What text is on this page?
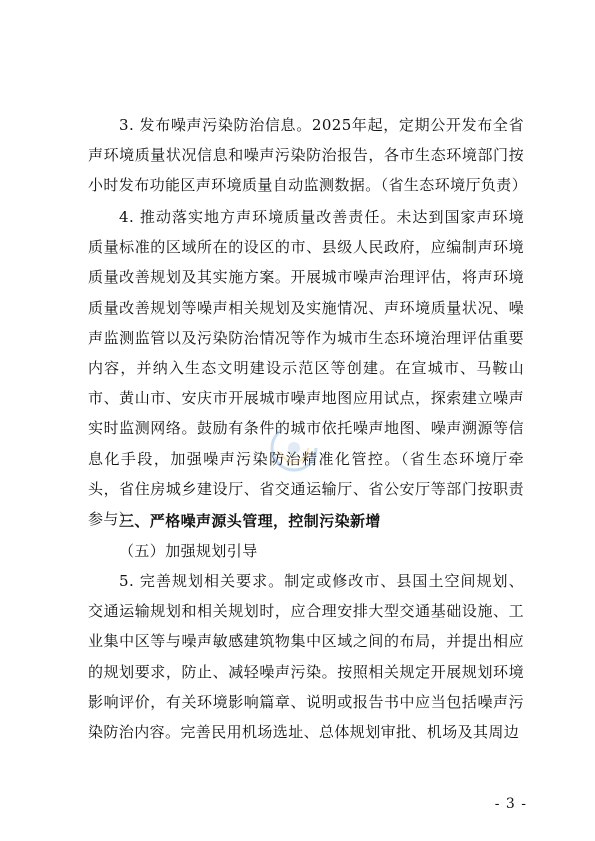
3. 发布噪声污染防治信息。2025年起，定期公开发布全省声环境质量状况信息和噪声污染防治报告，各市生态环境部门按小时发布功能区声环境质量自动监测数据。（省生态环境厅负责）

4. 推动落实地方声环境质量改善责任。未达到国家声环境质量标准的区域所在的设区的市、县级人民政府，应编制声环境质量改善规划及其实施方案。开展城市噪声治理评估，将声环境质量改善规划等噪声相关规划及实施情况、声环境质量状况、噪声监测监管以及污染防治情况等作为城市生态环境治理评估重要内容，并纳入生态文明建设示范区等创建。在宣城市、马鞍山市、黄山市、安庆市开展城市噪声地图应用试点，探索建立噪声实时监测网络。鼓励有条件的城市依托噪声地图、噪声溯源等信息化手段，加强噪声污染防治精准化管控。（省生态环境厅牵头，省住房城乡建设厅、省交通运输厅、省公安厅等部门按职责参与）

三、严格噪声源头管理，控制污染新增
（五）加强规划引导

5. 完善规划相关要求。制定或修改市、县国土空间规划、交通运输规划和相关规划时，应合理安排大型交通基础设施、工业集中区等与噪声敏感建筑物集中区域之间的布局，并提出相应的规划要求，防止、减轻噪声污染。按照相关规定开展规划环境影响评价，有关环境影响篇章、说明或报告书中应当包括噪声污染防治内容。完善民用机场选址、总体规划审批、机场及其周边

- 3 -
